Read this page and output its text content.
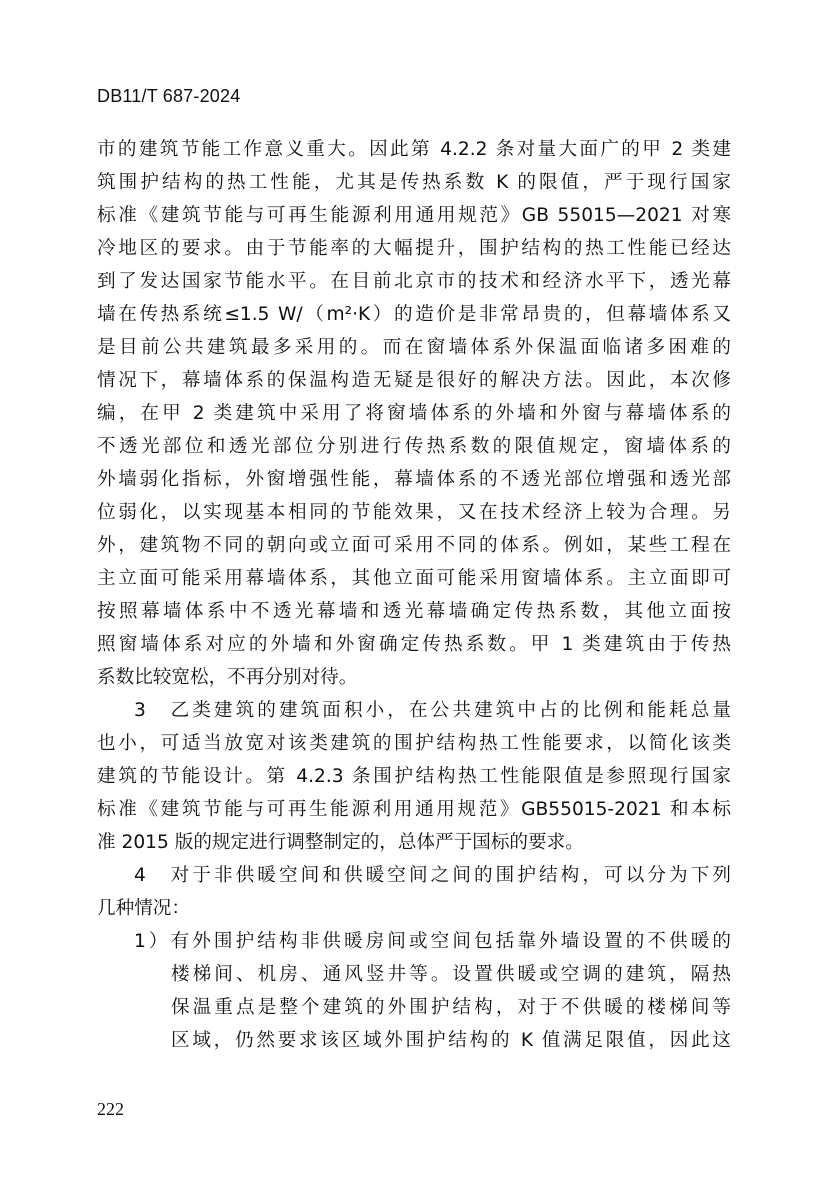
DB11/T 687-2024
市的建筑节能工作意义重大。因此第 4.2.2 条对量大面广的甲 2 类建
筑围护结构的热工性能，尤其是传热系数 K 的限值，严于现行国家
标准《建筑节能与可再生能源利用通用规范》GB 55015—2021 对寒
冷地区的要求。由于节能率的大幅提升，围护结构的热工性能已经达
到了发达国家节能水平。在目前北京市的技术和经济水平下，透光幕
墙在传热系统≤1.5 W/（m²·K）的造价是非常昂贵的，但幕墙体系又
是目前公共建筑最多采用的。而在窗墙体系外保温面临诸多困难的
情况下，幕墙体系的保温构造无疑是很好的解决方法。因此，本次修
编，在甲 2 类建筑中采用了将窗墙体系的外墙和外窗与幕墙体系的
不透光部位和透光部位分别进行传热系数的限值规定，窗墙体系的
外墙弱化指标，外窗增强性能，幕墙体系的不透光部位增强和透光部
位弱化，以实现基本相同的节能效果，又在技术经济上较为合理。另
外，建筑物不同的朝向或立面可采用不同的体系。例如，某些工程在
主立面可能采用幕墙体系，其他立面可能采用窗墙体系。主立面即可
按照幕墙体系中不透光幕墙和透光幕墙确定传热系数，其他立面按
照窗墙体系对应的外墙和外窗确定传热系数。甲 1 类建筑由于传热
系数比较宽松，不再分别对待。
3　乙类建筑的建筑面积小，在公共建筑中占的比例和能耗总量
也小，可适当放宽对该类建筑的围护结构热工性能要求，以简化该类
建筑的节能设计。第 4.2.3 条围护结构热工性能限值是参照现行国家
标准《建筑节能与可再生能源利用通用规范》GB55015-2021 和本标
准 2015 版的规定进行调整制定的，总体严于国标的要求。
4　对于非供暖空间和供暖空间之间的围护结构，可以分为下列
几种情况：
1）有外围护结构非供暖房间或空间包括靠外墙设置的不供暖的
楼梯间、机房、通风竖井等。设置供暖或空调的建筑，隔热
保温重点是整个建筑的外围护结构，对于不供暖的楼梯间等
区域，仍然要求该区域外围护结构的 K 值满足限值，因此这
222
